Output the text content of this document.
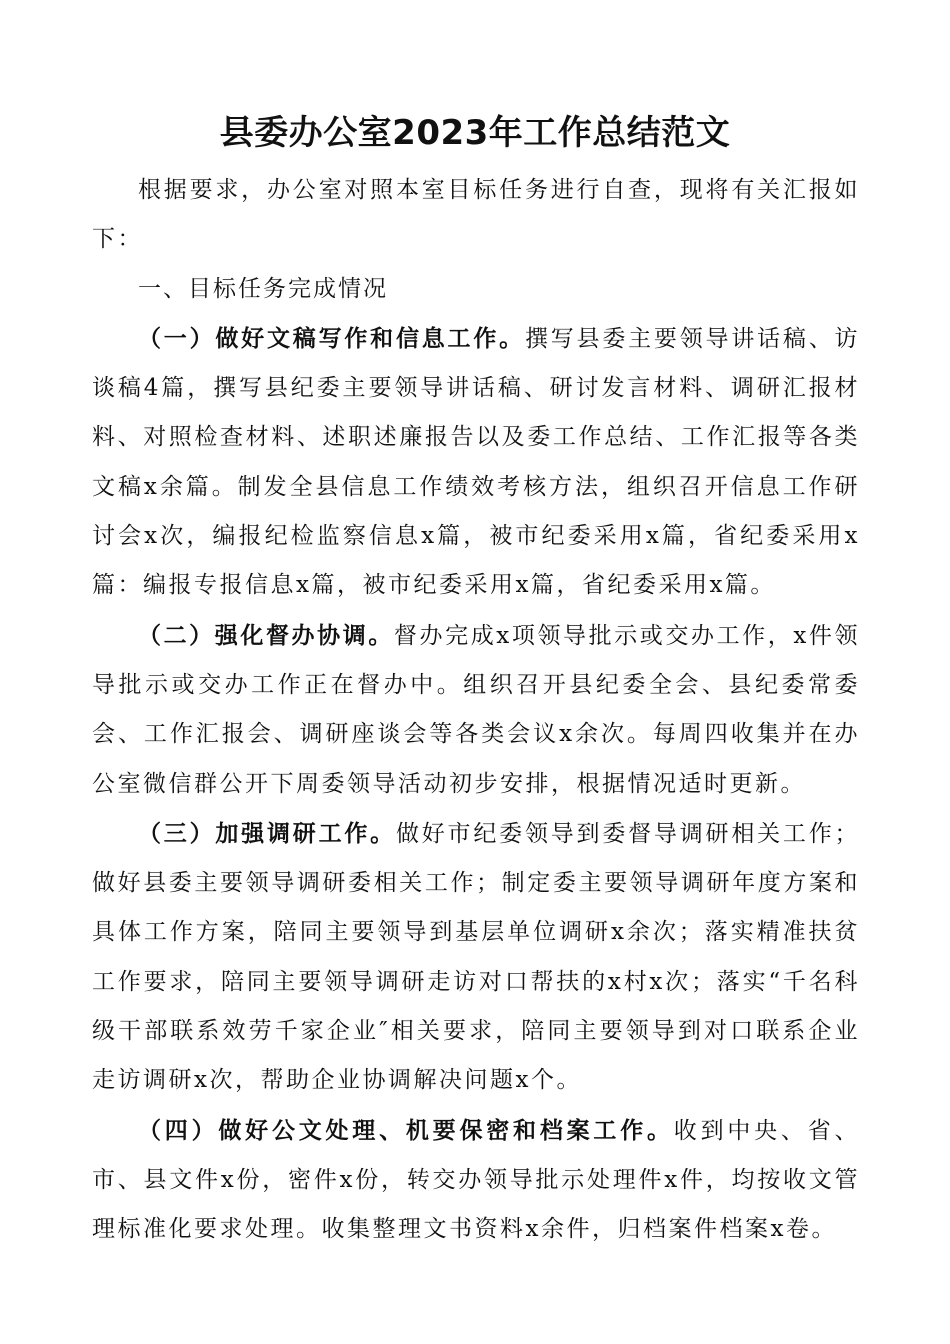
县委办公室2023年工作总结范文

根据要求，办公室对照本室目标任务进行自查，现将有关汇报如下：

一、目标任务完成情况

（一）做好文稿写作和信息工作。撰写县委主要领导讲话稿、访谈稿4篇，撰写县纪委主要领导讲话稿、研讨发言材料、调研汇报材料、对照检查材料、述职述廉报告以及委工作总结、工作汇报等各类文稿x余篇。制发全县信息工作绩效考核方法，组织召开信息工作研讨会x次，编报纪检监察信息x篇，被市纪委采用x篇，省纪委采用x篇：编报专报信息x篇，被市纪委采用x篇，省纪委采用x篇。

（二）强化督办协调。督办完成x项领导批示或交办工作，x件领导批示或交办工作正在督办中。组织召开县纪委全会、县纪委常委会、工作汇报会、调研座谈会等各类会议x余次。每周四收集并在办公室微信群公开下周委领导活动初步安排，根据情况适时更新。

（三）加强调研工作。做好市纪委领导到委督导调研相关工作；做好县委主要领导调研委相关工作；制定委主要领导调研年度方案和具体工作方案，陪同主要领导到基层单位调研x余次；落实精准扶贫工作要求，陪同主要领导调研走访对口帮扶的x村x次；落实“千名科级干部联系效劳千家企业″相关要求，陪同主要领导到对口联系企业走访调研x次，帮助企业协调解决问题x个。

（四）做好公文处理、机要保密和档案工作。收到中央、省、市、县文件x份，密件x份，转交办领导批示处理件x件，均按收文管理标准化要求处理。收集整理文书资料x余件，归档案件档案x卷。
